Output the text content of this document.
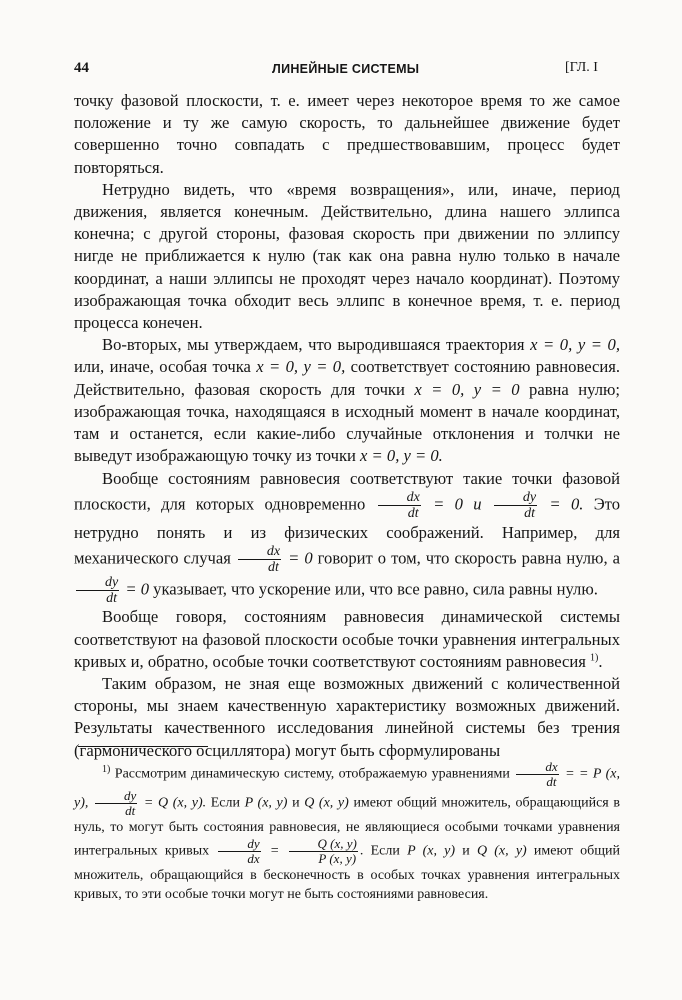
44	ЛИНЕЙНЫЕ СИСТЕМЫ	[ГЛ. I

точку фазовой плоскости, т. е. имеет через некоторое время то же самое положение и ту же самую скорость, то дальнейшее движение будет совершенно точно совпадать с предшествовавшим, процесс будет повторяться.

Нетрудно видеть, что «время возвращения», или, иначе, период движения, является конечным. Действительно, длина нашего эллипса конечна; с другой стороны, фазовая скорость при движении по эллипсу нигде не приближается к нулю (так как она равна нулю только в начале координат, а наши эллипсы не проходят через начало координат). Поэтому изображающая точка обходит весь эллипс в конечное время, т. е. период процесса конечен.

Во-вторых, мы утверждаем, что выродившаяся траектория x = 0, y = 0, или, иначе, особая точка x = 0, y = 0, соответствует состоянию равновесия. Действительно, фазовая скорость для точки x = 0, y = 0 равна нулю; изображающая точка, находящаяся в исходный момент в начале координат, там и останется, если какие-либо случайные отклонения и толчки не выведут изображающую точку из точки x = 0, y = 0.

Вообще состояниям равновесия соответствуют такие точки фазовой плоскости, для которых одновременно $\frac{dx}{dt} = 0$ и $\frac{dy}{dt} = 0$. Это нетрудно понять и из физических соображений. Например, для механического случая $\frac{dx}{dt} = 0$ говорит о том, что скорость равна нулю, а
$\frac{dy}{dt} = 0$ указывает, что ускорение или, что все равно, сила равны нулю.

Вообще говоря, состояниям равновесия динамической системы соответствуют на фазовой плоскости особые точки уравнения интегральных кривых и, обратно, особые точки соответствуют состояниям равновесия $^{1)}$.

Таким образом, не зная еще возможных движений с количественной стороны, мы знаем качественную характеристику возможных движений. Результаты качественного исследования линейной системы без трения (гармонического осциллятора) могут быть сформулированы

$^{1)}$ Рассмотрим динамическую систему, отображаемую уравнениями $\frac{dx}{dt}$ = = P (x, y), $\frac{dy}{dt} = Q$ (x, y). Если P (x, y) и Q (x, y) имеют общий множитель, обращающийся в нуль, то могут быть состояния равновесия, не являющиеся особыми точками уравнения интегральных кривых $\frac{dy}{dx} = \frac{Q (x, y)}{P (x, y)}$ . Если P (x, y) и Q (x, y) имеют общий множитель, обращающийся в бесконечность в особых точках уравнения интегральных кривых, то эти особые точки могут не быть состояниями равновесия.
